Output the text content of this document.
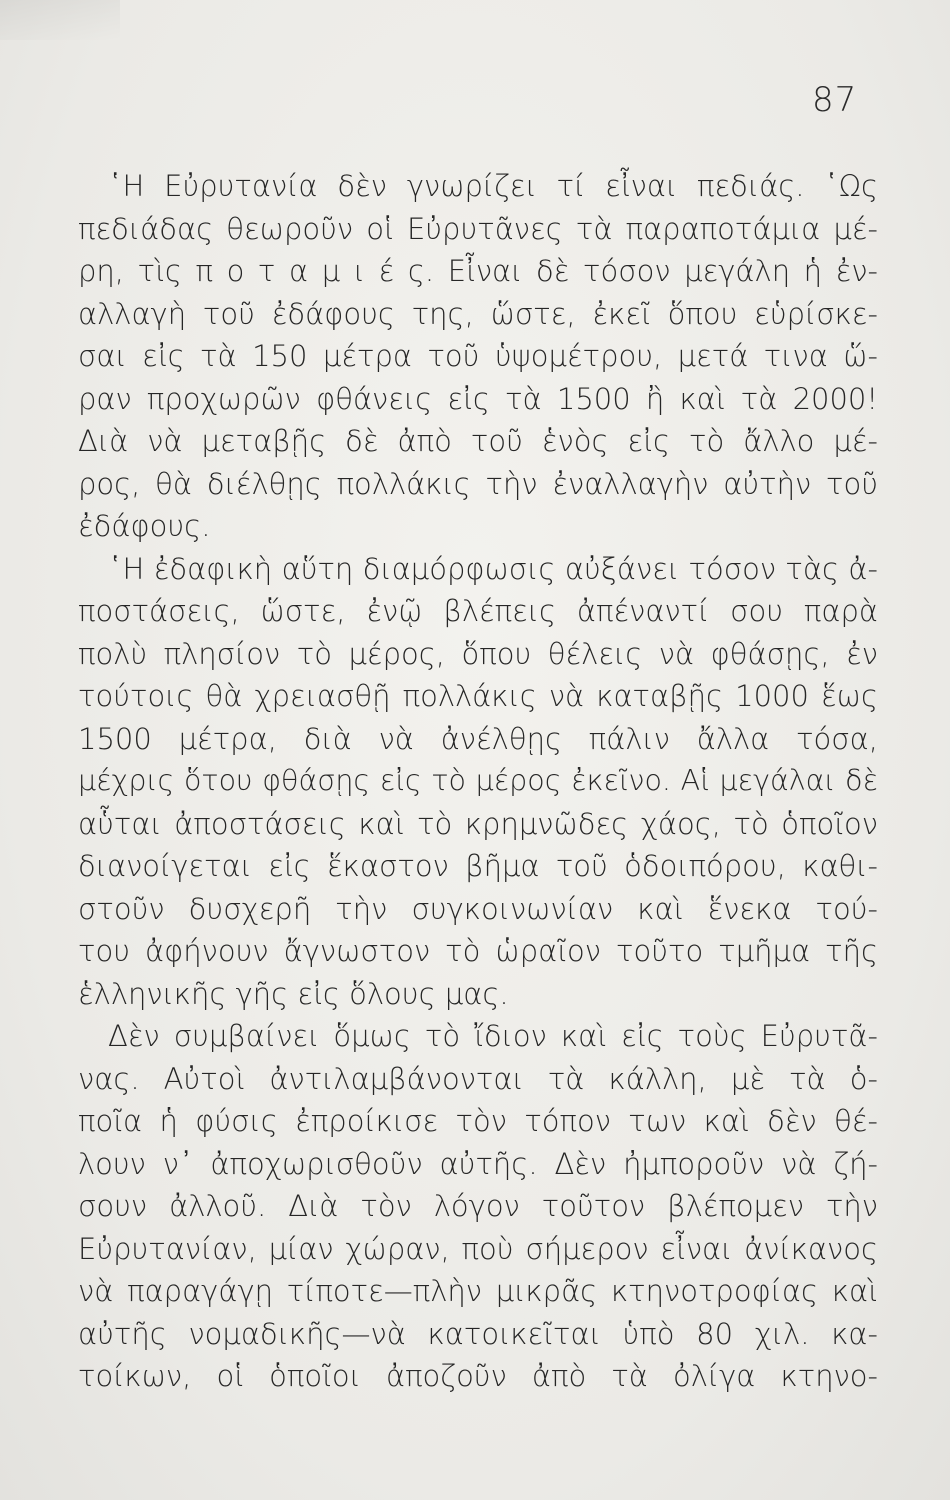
87
῾Η Εὐρυτανία δὲν γνωρίζει τί εἶναι πεδιάς. ῾Ως
πεδιάδας θεωροῦν οἱ Εὐρυτᾶνες τὰ παραποτάμια μέ-
ρη, τὶς π ο τ α μ ι έ ς. Εἶναι δὲ τόσον μεγάλη ἡ ἐν-
αλλαγὴ τοῦ ἐδάφους της, ὥστε, ἐκεῖ ὅπου εὑρίσκε-
σαι εἰς τὰ 150 μέτρα τοῦ ὑψομέτρου, μετά τινα ὥ-
ραν προχωρῶν φθάνεις εἰς τὰ 1500 ἢ καὶ τὰ 2000!
Διὰ νὰ μεταβῇς δὲ ἀπὸ τοῦ ἑνὸς εἰς τὸ ἄλλο μέ-
ρος, θὰ διέλθῃς πολλάκις τὴν ἐναλλαγὴν αὐτὴν τοῦ
ἐδάφους.
῾Η ἐδαφικὴ αὕτη διαμόρφωσις αὐξάνει τόσον τὰς ἀ-
ποστάσεις, ὥστε, ἐνῷ βλέπεις ἀπέναντί σου παρὰ
πολὺ πλησίον τὸ μέρος, ὅπου θέλεις νὰ φθάσῃς, ἐν
τούτοις θὰ χρειασθῇ πολλάκις νὰ καταβῇς 1000 ἕως
1500 μέτρα, διὰ νὰ ἀνέλθῃς πάλιν ἄλλα τόσα,
μέχρις ὅτου φθάσῃς εἰς τὸ μέρος ἐκεῖνο. Αἱ μεγάλαι δὲ
αὗται ἀποστάσεις καὶ τὸ κρημνῶδες χάος, τὸ ὁποῖον
διανοίγεται εἰς ἕκαστον βῆμα τοῦ ὁδοιπόρου, καθι-
στοῦν δυσχερῆ τὴν συγκοινωνίαν καὶ ἕνεκα τού-
του ἀφήνουν ἄγνωστον τὸ ὡραῖον τοῦτο τμῆμα τῆς
ἑλληνικῆς γῆς εἰς ὅλους μας.
Δὲν συμβαίνει ὅμως τὸ ἴδιον καὶ εἰς τοὺς Εὐρυτᾶ-
νας. Αὐτοὶ ἀντιλαμβάνονται τὰ κάλλη, μὲ τὰ ὁ-
ποῖα ἡ φύσις ἐπροίκισε τὸν τόπον των καὶ δὲν θέ-
λουν ν᾿ ἀποχωρισθοῦν αὐτῆς. Δὲν ἠμποροῦν νὰ ζή-
σουν ἀλλοῦ. Διὰ τὸν λόγον τοῦτον βλέπομεν τὴν
Εὐρυτανίαν, μίαν χώραν, ποὺ σήμερον εἶναι ἀνίκανος
νὰ παραγάγῃ τίποτε—πλὴν μικρᾶς κτηνοτροφίας καὶ
αὐτῆς νομαδικῆς—νὰ κατοικεῖται ὑπὸ 80 χιλ. κα-
τοίκων, οἱ ὁποῖοι ἀποζοῦν ἀπὸ τὰ ὀλίγα κτηνο-
